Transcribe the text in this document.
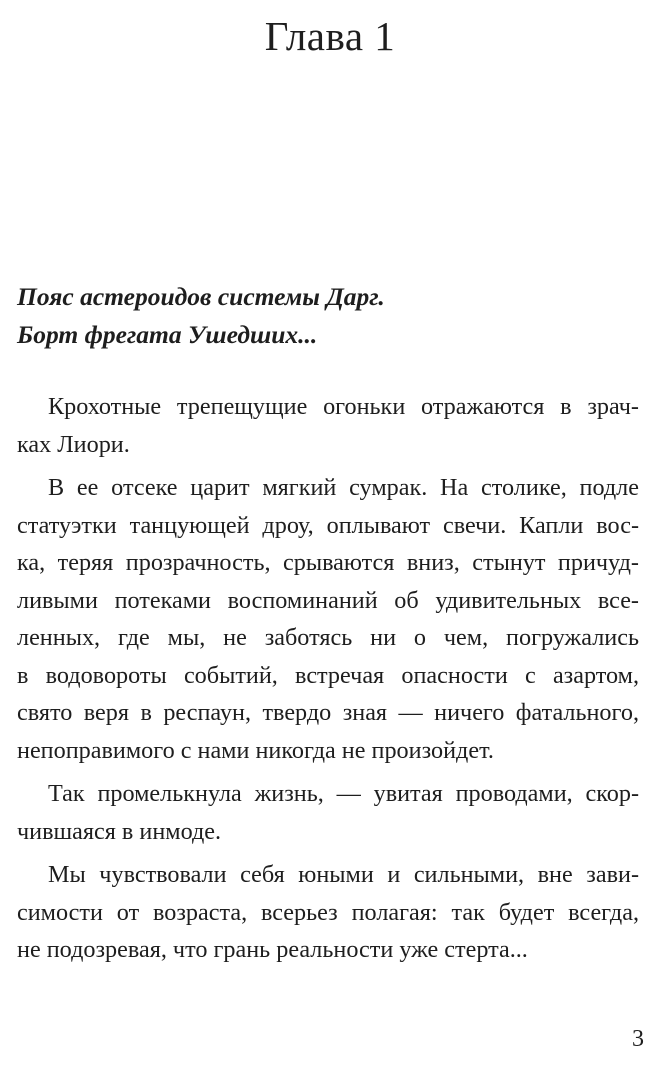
Глава 1
Пояс астероидов системы Дарг.
Борт фрегата Ушедших...
Крохотные трепещущие огоньки отражаются в зрач-
ках Лиори.
В ее отсеке царит мягкий сумрак. На столике, подле
статуэтки танцующей дроу, оплывают свечи. Капли вос-
ка, теряя прозрачность, срываются вниз, стынут причуд-
ливыми потеками воспоминаний об удивительных все-
ленных, где мы, не заботясь ни о чем, погружались
в водовороты событий, встречая опасности с азартом,
свято веря в респаун, твердо зная — ничего фатального,
непоправимого с нами никогда не произойдет.
Так промелькнула жизнь, — увитая проводами, скор-
чившаяся в инмоде.
Мы чувствовали себя юными и сильными, вне зави-
симости от возраста, всерьез полагая: так будет всегда,
не подозревая, что грань реальности уже стерта...
3
